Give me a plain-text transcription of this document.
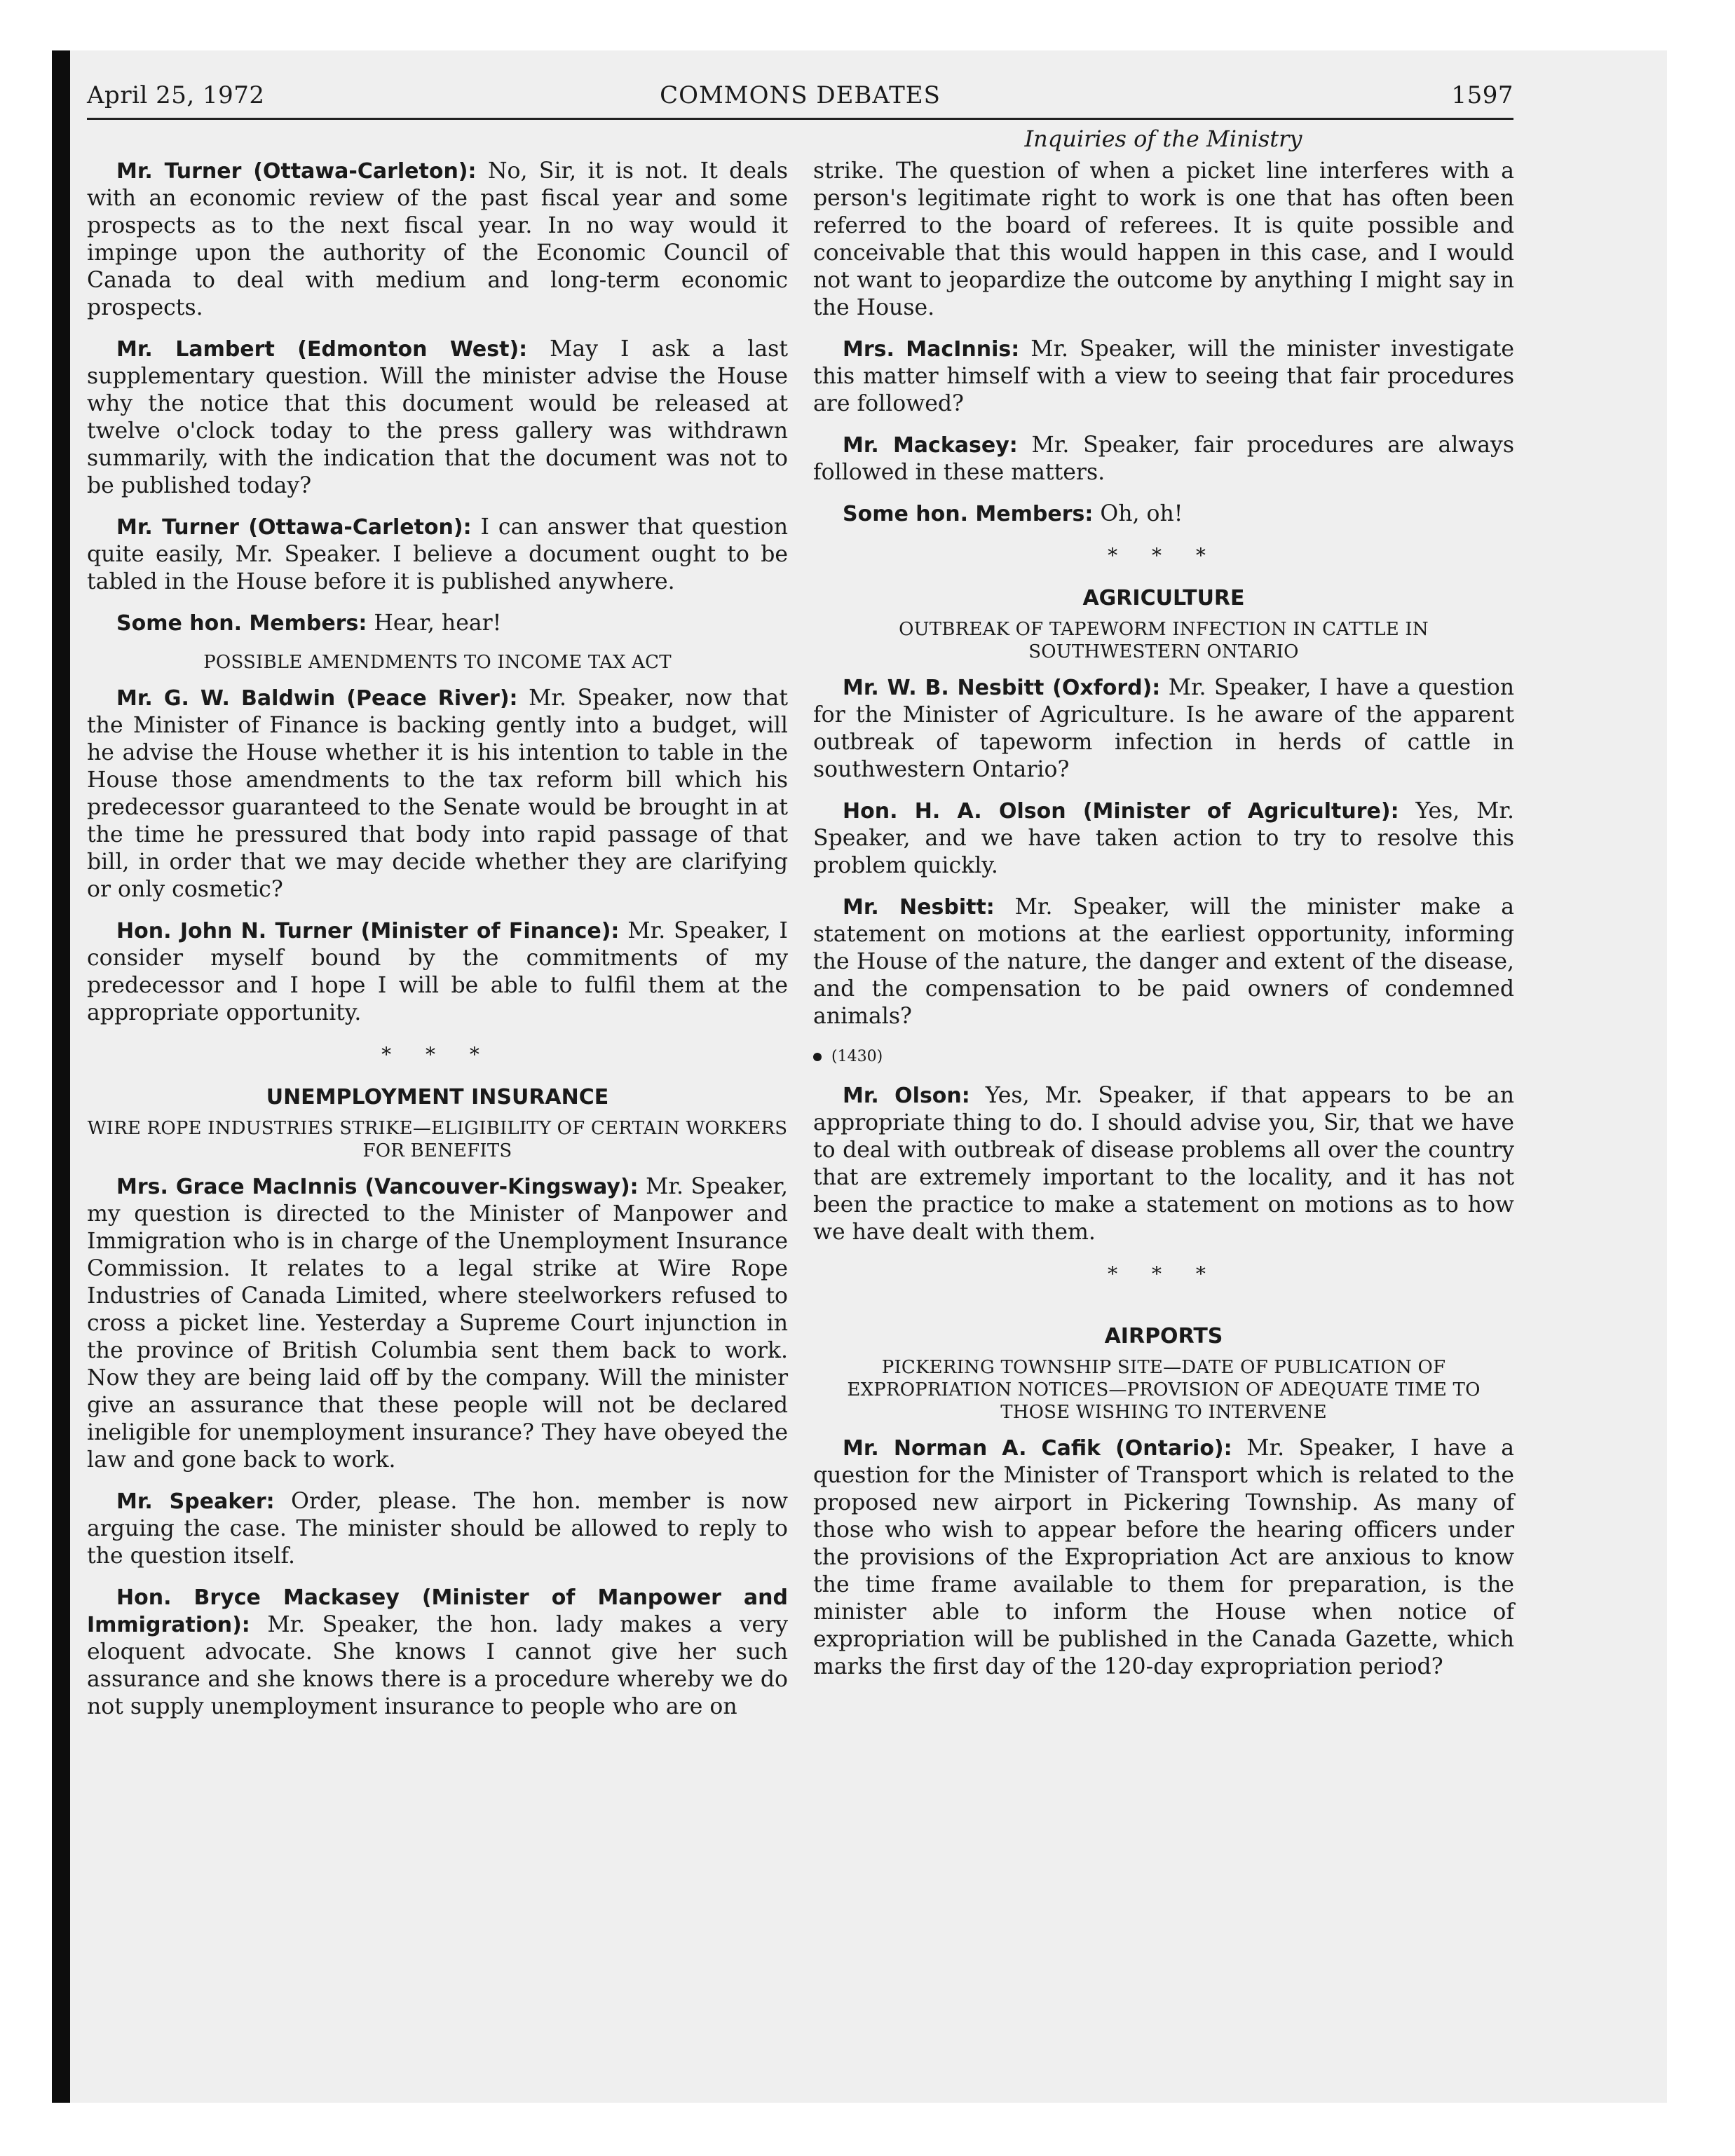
April 25, 1972	COMMONS DEBATES	1597
Inquiries of the Ministry

Mr. Turner (Ottawa-Carleton): No, Sir, it is not. It deals with an economic review of the past fiscal year and some prospects as to the next fiscal year. In no way would it impinge upon the authority of the Economic Council of Canada to deal with medium and long-term economic prospects.

Mr. Lambert (Edmonton West): May I ask a last supplementary question. Will the minister advise the House why the notice that this document would be released at twelve o'clock today to the press gallery was withdrawn summarily, with the indication that the document was not to be published today?

Mr. Turner (Ottawa-Carleton): I can answer that question quite easily, Mr. Speaker. I believe a document ought to be tabled in the House before it is published anywhere.

Some hon. Members: Hear, hear!

POSSIBLE AMENDMENTS TO INCOME TAX ACT

Mr. G. W. Baldwin (Peace River): Mr. Speaker, now that the Minister of Finance is backing gently into a budget, will he advise the House whether it is his intention to table in the House those amendments to the tax reform bill which his predecessor guaranteed to the Senate would be brought in at the time he pressured that body into rapid passage of that bill, in order that we may decide whether they are clarifying or only cosmetic?

Hon. John N. Turner (Minister of Finance): Mr. Speaker, I consider myself bound by the commitments of my predecessor and I hope I will be able to fulfil them at the appropriate opportunity.

* * *
UNEMPLOYMENT INSURANCE
WIRE ROPE INDUSTRIES STRIKE—ELIGIBILITY OF CERTAIN WORKERS FOR BENEFITS

Mrs. Grace MacInnis (Vancouver-Kingsway): Mr. Speaker, my question is directed to the Minister of Manpower and Immigration who is in charge of the Unemployment Insurance Commission. It relates to a legal strike at Wire Rope Industries of Canada Limited, where steelworkers refused to cross a picket line. Yesterday a Supreme Court injunction in the province of British Columbia sent them back to work. Now they are being laid off by the company. Will the minister give an assurance that these people will not be declared ineligible for unemployment insurance? They have obeyed the law and gone back to work.

Mr. Speaker: Order, please. The hon. member is now arguing the case. The minister should be allowed to reply to the question itself.

Hon. Bryce Mackasey (Minister of Manpower and Immigration): Mr. Speaker, the hon. lady makes a very eloquent advocate. She knows I cannot give her such assurance and she knows there is a procedure whereby we do not supply unemployment insurance to people who are on

strike. The question of when a picket line interferes with a person's legitimate right to work is one that has often been referred to the board of referees. It is quite possible and conceivable that this would happen in this case, and I would not want to jeopardize the outcome by anything I might say in the House.

Mrs. MacInnis: Mr. Speaker, will the minister investigate this matter himself with a view to seeing that fair procedures are followed?

Mr. Mackasey: Mr. Speaker, fair procedures are always followed in these matters.

Some hon. Members: Oh, oh!

* * *
AGRICULTURE
OUTBREAK OF TAPEWORM INFECTION IN CATTLE IN SOUTHWESTERN ONTARIO

Mr. W. B. Nesbitt (Oxford): Mr. Speaker, I have a question for the Minister of Agriculture. Is he aware of the apparent outbreak of tapeworm infection in herds of cattle in southwestern Ontario?

Hon. H. A. Olson (Minister of Agriculture): Yes, Mr. Speaker, and we have taken action to try to resolve this problem quickly.

Mr. Nesbitt: Mr. Speaker, will the minister make a statement on motions at the earliest opportunity, informing the House of the nature, the danger and extent of the disease, and the compensation to be paid owners of condemned animals?

(1430)

Mr. Olson: Yes, Mr. Speaker, if that appears to be an appropriate thing to do. I should advise you, Sir, that we have to deal with outbreak of disease problems all over the country that are extremely important to the locality, and it has not been the practice to make a statement on motions as to how we have dealt with them.

* * *
AIRPORTS
PICKERING TOWNSHIP SITE—DATE OF PUBLICATION OF EXPROPRIATION NOTICES—PROVISION OF ADEQUATE TIME TO THOSE WISHING TO INTERVENE

Mr. Norman A. Cafik (Ontario): Mr. Speaker, I have a question for the Minister of Transport which is related to the proposed new airport in Pickering Township. As many of those who wish to appear before the hearing officers under the provisions of the Expropriation Act are anxious to know the time frame available to them for preparation, is the minister able to inform the House when notice of expropriation will be published in the Canada Gazette, which marks the first day of the 120-day expropriation period?
